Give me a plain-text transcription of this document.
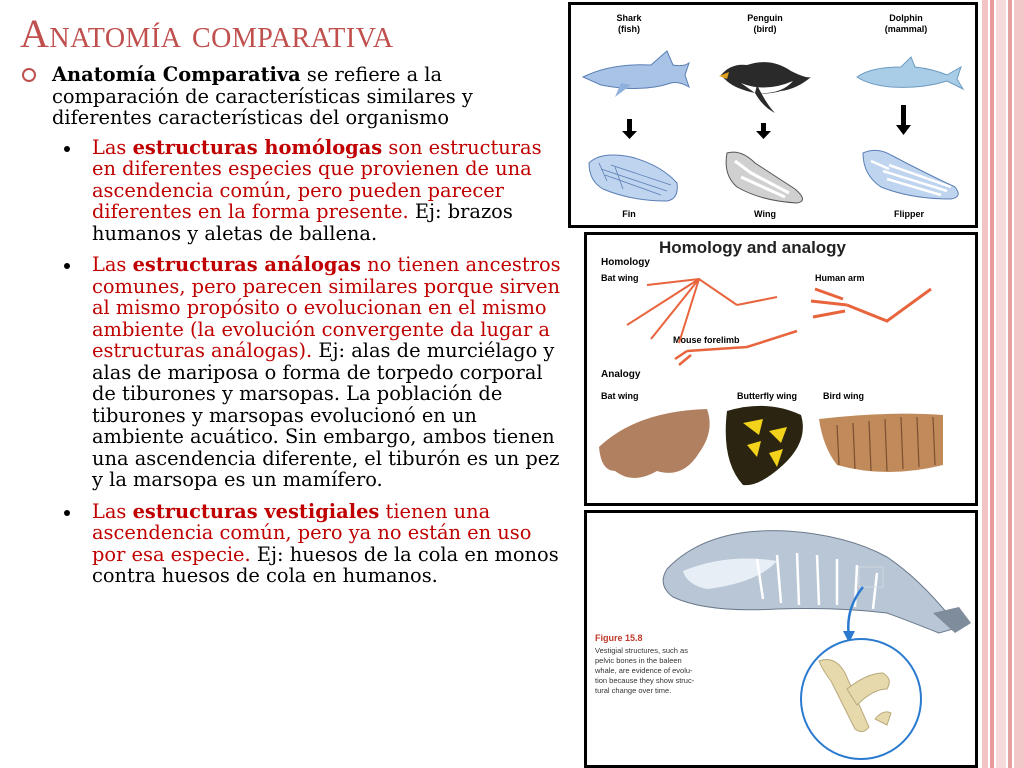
Anatomía comparativa
Anatomía Comparativa se refiere a la comparación de características similares y diferentes características del organismo
Las estructuras homólogas son estructuras en diferentes especies que provienen de una ascendencia común, pero pueden parecer diferentes en la forma presente. Ej: brazos humanos y aletas de ballena.
Las estructuras análogas no tienen ancestros comunes, pero parecen similares porque sirven al mismo propósito o evolucionan en el mismo ambiente (la evolución convergente da lugar a estructuras análogas). Ej: alas de murciélago y alas de mariposa o forma de torpedo corporal de tiburones y marsopas. La población de tiburones y marsopas evolucionó en un ambiente acuático. Sin embargo, ambos tienen una ascendencia diferente, el tiburón es un pez y la marsopa es un mamífero.
Las estructuras vestigiales tienen una ascendencia común, pero ya no están en uso por esa especie. Ej: huesos de la cola en monos contra huesos de cola en humanos.
Shark
(fish)
Penguin
(bird)
Dolphin
(mammal)
Fin	Wing	Flipper
Homology and analogy
Homology
Bat wing	Human arm
Mouse forelimb
Analogy
Bat wing	Butterfly wing	Bird wing
Figure 15.8
Vestigial structures, such as
pelvic bones in the baleen
whale, are evidence of evolu-
tion because they show struc-
tural change over time.
